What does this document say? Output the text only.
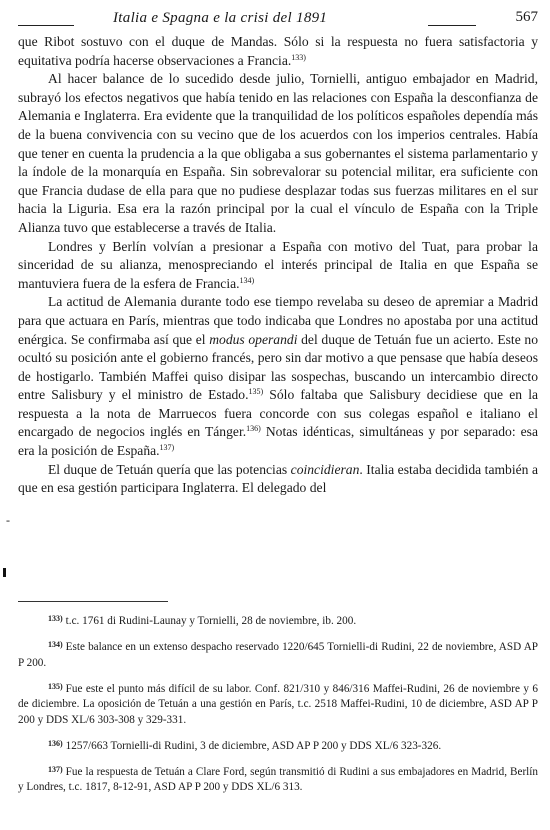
Italia e Spagna e la crisi del 1891	567

que Ribot sostuvo con el duque de Mandas. Sólo si la respuesta no fuera satisfactoria y equitativa podría hacerse observaciones a Francia.$^{133)}$

Al hacer balance de lo sucedido desde julio, Tornielli, antiguo embajador en Madrid, subrayó los efectos negativos que había tenido en las relaciones con España la desconfianza de Alemania e Inglaterra. Era evidente que la tranquilidad de los políticos españoles dependía más de la buena convivencia con su vecino que de los acuerdos con los imperios centrales. Había que tener en cuenta la prudencia a la que obligaba a sus gobernantes el sistema parlamentario y la índole de la monarquía en España. Sin sobrevalorar su potencial militar, era suficiente con que Francia dudase de ella para que no pudiese desplazar todas sus fuerzas militares en el sur hacia la Liguria. Esa era la razón principal por la cual el vínculo de España con la Triple Alianza tuvo que establecerse a través de Italia.

Londres y Berlín volvían a presionar a España con motivo del Tuat, para probar la sinceridad de su alianza, menospreciando el interés principal de Italia en que España se mantuviera fuera de la esfera de Francia.$^{134)}$

La actitud de Alemania durante todo ese tiempo revelaba su deseo de apremiar a Madrid para que actuara en París, mientras que todo indicaba que Londres no apostaba por una actitud enérgica. Se confirmaba así que el modus operandi del duque de Tetuán fue un acierto. Este no ocultó su posición ante el gobierno francés, pero sin dar motivo a que pensase que había deseos de hostigarlo. También Maffei quiso disipar las sospechas, buscando un intercambio directo entre Salisbury y el ministro de Estado.$^{135)}$ Sólo faltaba que Salisbury decidiese que en la respuesta a la nota de Marruecos fuera concorde con sus colegas español e italiano el encargado de negocios inglés en Tánger.$^{136)}$ Notas idénticas, simultáneas y por separado: esa era la posición de España.$^{137)}$

El duque de Tetuán quería que las potencias coincidieran. Italia estaba decidida también a que en esa gestión participara Inglaterra. El delegado del

-

$^{133)}$ t.c. 1761 di Rudini-Launay y Tornielli, 28 de noviembre, ib. 200.

$^{134)}$ Este balance en un extenso despacho reservado 1220/645 Tornielli-di Rudini, 22 de noviembre, ASD AP P 200.

$^{135)}$ Fue este el punto más difícil de su labor. Conf. 821/310 y 846/316 Maffei-Rudini, 26 de noviembre y 6 de diciembre. La oposición de Tetuán a una gestión en París, t.c. 2518 Maffei-Rudini, 10 de diciembre, ASD AP P 200 y DDS XL/6 303-308 y 329-331.

$^{136)}$ 1257/663 Tornielli-di Rudini, 3 de diciembre, ASD AP P 200 y DDS XL/6 323-326.

$^{137)}$ Fue la respuesta de Tetuán a Clare Ford, según transmitió di Rudini a sus embajadores en Madrid, Berlín y Londres, t.c. 1817, 8-12-91, ASD AP P 200 y DDS XL/6 313.
